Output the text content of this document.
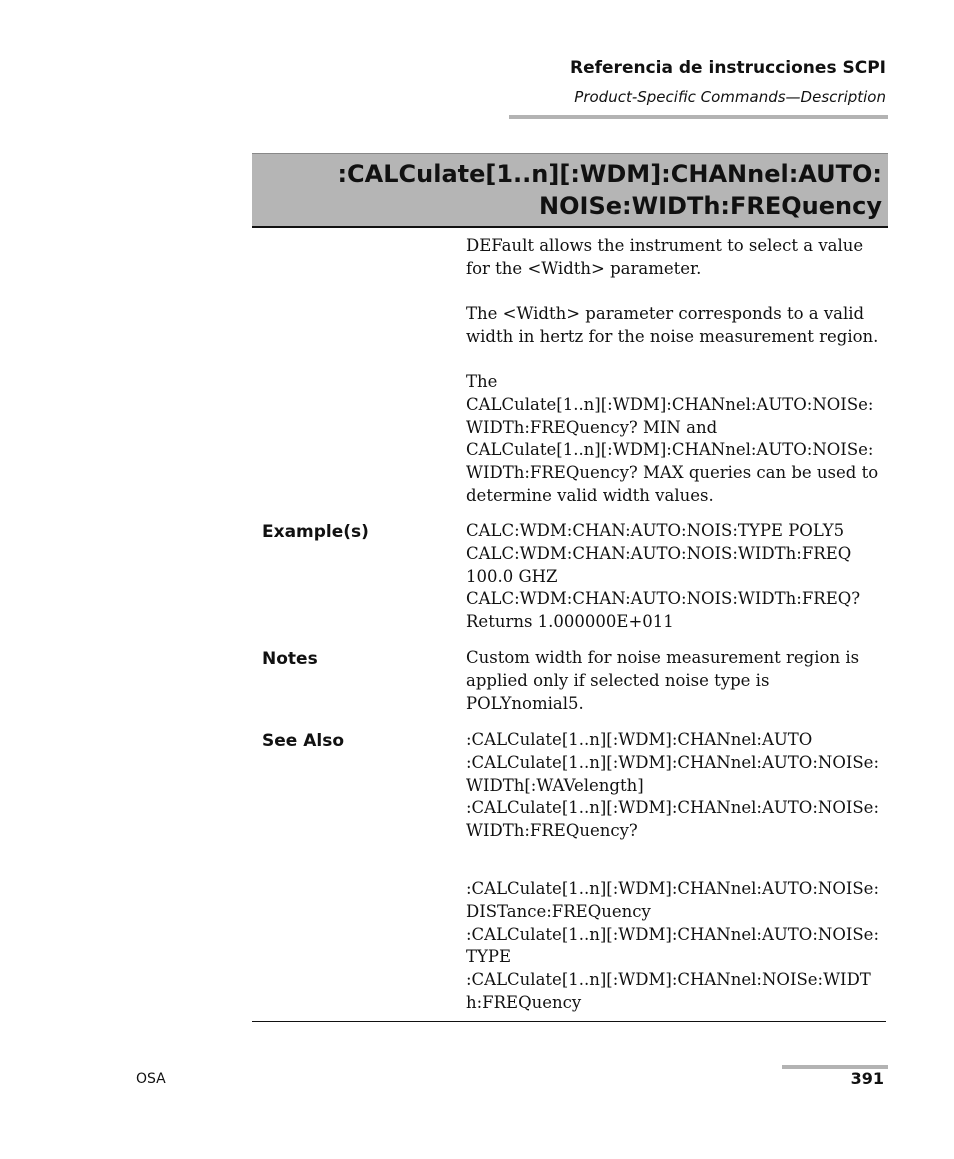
Referencia de instrucciones SCPI
Product-Specific Commands—Description
:CALCulate[1..n][:WDM]:CHANnel:AUTO:
NOISe:WIDTh:FREQuency
DEFault allows the instrument to select a value
for the <Width> parameter.
The <Width> parameter corresponds to a valid
width in hertz for the noise measurement region.
The
CALCulate[1..n][:WDM]:CHANnel:AUTO:NOISe:
WIDTh:FREQuency? MIN and
CALCulate[1..n][:WDM]:CHANnel:AUTO:NOISe:
WIDTh:FREQuency? MAX queries can be used to
determine valid width values.
Example(s)	CALC:WDM:CHAN:AUTO:NOIS:TYPE POLY5
CALC:WDM:CHAN:AUTO:NOIS:WIDTh:FREQ
100.0 GHZ
CALC:WDM:CHAN:AUTO:NOIS:WIDTh:FREQ?
Returns 1.000000E+011
Notes	Custom width for noise measurement region is
applied only if selected noise type is
POLYnomial5.
See Also	:CALCulate[1..n][:WDM]:CHANnel:AUTO
:CALCulate[1..n][:WDM]:CHANnel:AUTO:NOISe:
WIDTh[:WAVelength]
:CALCulate[1..n][:WDM]:CHANnel:AUTO:NOISe:
WIDTh:FREQuency?
:CALCulate[1..n][:WDM]:CHANnel:AUTO:NOISe:
DISTance:FREQuency
:CALCulate[1..n][:WDM]:CHANnel:AUTO:NOISe:
TYPE
:CALCulate[1..n][:WDM]:CHANnel:NOISe:WIDT
h:FREQuency
OSA	391
